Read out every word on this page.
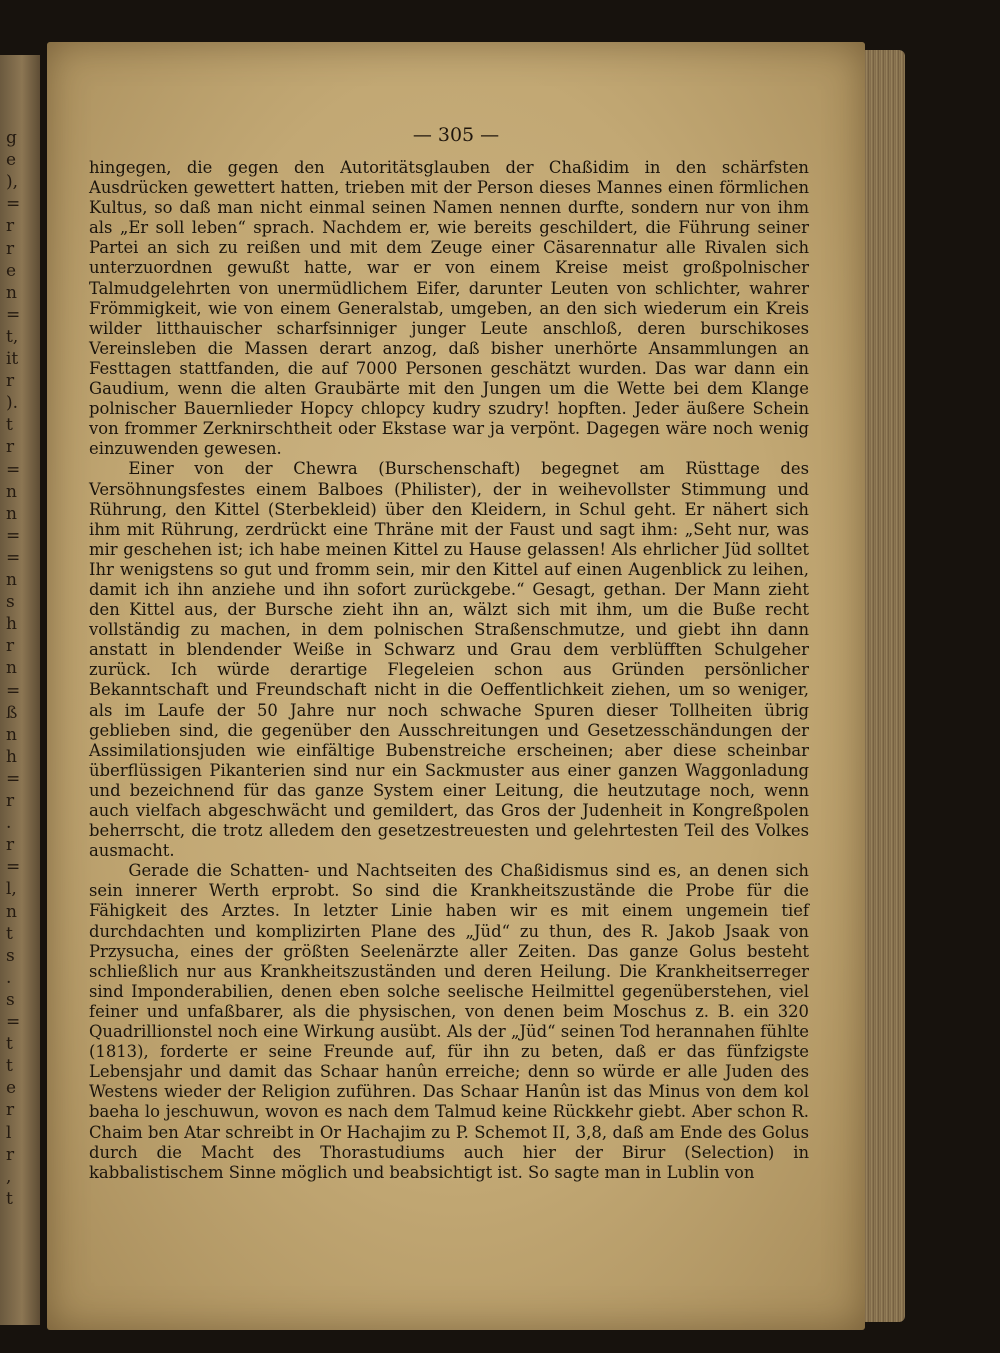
g
e
),
=
r
r
e
n
=
t,
it
r
).
t
r
=
n
n
=
=
n
s
h
r
n
=
ß
n
h
=
r
.
r
=
l,
n
t
s
.
s
=
t
t
e
r
l
r
,
t
— 305 —

hingegen, die gegen den Autoritätsglauben der Chaßidim in den schärfsten Ausdrücken gewettert hatten, trieben mit der Person dieses Mannes einen förmlichen Kultus, so daß man nicht einmal seinen Namen nennen durfte, sondern nur von ihm als „Er soll leben“ sprach. Nachdem er, wie bereits geschildert, die Führung seiner Partei an sich zu reißen und mit dem Zeuge einer Cäsarennatur alle Rivalen sich unterzuordnen gewußt hatte, war er von einem Kreise meist großpolnischer Talmudgelehrten von unermüdlichem Eifer, darunter Leuten von schlichter, wahrer Frömmigkeit, wie von einem Generalstab, umgeben, an den sich wiederum ein Kreis wilder litthauischer scharfsinniger junger Leute anschloß, deren burschikoses Vereinsleben die Massen derart anzog, daß bisher unerhörte Ansammlungen an Festtagen stattfanden, die auf 7000 Personen geschätzt wurden. Das war dann ein Gaudium, wenn die alten Graubärte mit den Jungen um die Wette bei dem Klange polnischer Bauernlieder Hopcy chlopcy kudry szudry! hopften. Jeder äußere Schein von frommer Zerknirschtheit oder Ekstase war ja verpönt. Dagegen wäre noch wenig einzuwenden gewesen.

Einer von der Chewra (Burschenschaft) begegnet am Rüsttage des Versöhnungsfestes einem Balboes (Philister), der in weihevollster Stimmung und Rührung, den Kittel (Sterbekleid) über den Kleidern, in Schul geht. Er nähert sich ihm mit Rührung, zerdrückt eine Thräne mit der Faust und sagt ihm: „Seht nur, was mir geschehen ist; ich habe meinen Kittel zu Hause gelassen! Als ehrlicher Jüd solltet Ihr wenigstens so gut und fromm sein, mir den Kittel auf einen Augenblick zu leihen, damit ich ihn anziehe und ihn sofort zurückgebe.“ Gesagt, gethan. Der Mann zieht den Kittel aus, der Bursche zieht ihn an, wälzt sich mit ihm, um die Buße recht vollständig zu machen, in dem polnischen Straßenschmutze, und giebt ihn dann anstatt in blendender Weiße in Schwarz und Grau dem verblüfften Schulgeher zurück. Ich würde derartige Flegeleien schon aus Gründen persönlicher Bekanntschaft und Freundschaft nicht in die Oeffentlichkeit ziehen, um so weniger, als im Laufe der 50 Jahre nur noch schwache Spuren dieser Tollheiten übrig geblieben sind, die gegenüber den Ausschreitungen und Gesetzesschändungen der Assimilationsjuden wie einfältige Bubenstreiche erscheinen; aber diese scheinbar überflüssigen Pikanterien sind nur ein Sackmuster aus einer ganzen Waggonladung und bezeichnend für das ganze System einer Leitung, die heutzutage noch, wenn auch vielfach abgeschwächt und gemildert, das Gros der Judenheit in Kongreßpolen beherrscht, die trotz alledem den gesetzestreuesten und gelehrtesten Teil des Volkes ausmacht.

Gerade die Schatten- und Nachtseiten des Chaßidismus sind es, an denen sich sein innerer Werth erprobt. So sind die Krankheitszustände die Probe für die Fähigkeit des Arztes. In letzter Linie haben wir es mit einem ungemein tief durchdachten und komplizirten Plane des „Jüd“ zu thun, des R. Jakob Jsaak von Przysucha, eines der größten Seelenärzte aller Zeiten. Das ganze Golus besteht schließlich nur aus Krankheitszuständen und deren Heilung. Die Krankheitserreger sind Imponderabilien, denen eben solche seelische Heilmittel gegenüberstehen, viel feiner und unfaßbarer, als die physischen, von denen beim Moschus z. B. ein 320 Quadrillionstel noch eine Wirkung ausübt. Als der „Jüd“ seinen Tod herannahen fühlte (1813), forderte er seine Freunde auf, für ihn zu beten, daß er das fünfzigste Lebensjahr und damit das Schaar hanûn erreiche; denn so würde er alle Juden des Westens wieder der Religion zuführen. Das Schaar Hanûn ist das Minus von dem kol baeha lo jeschuwun, wovon es nach dem Talmud keine Rückkehr giebt. Aber schon R. Chaim ben Atar schreibt in Or Hachajim zu P. Schemot II, 3,8, daß am Ende des Golus durch die Macht des Thorastudiums auch hier der Birur (Selection) in kabbalistischem Sinne möglich und beabsichtigt ist. So sagte man in Lublin von
